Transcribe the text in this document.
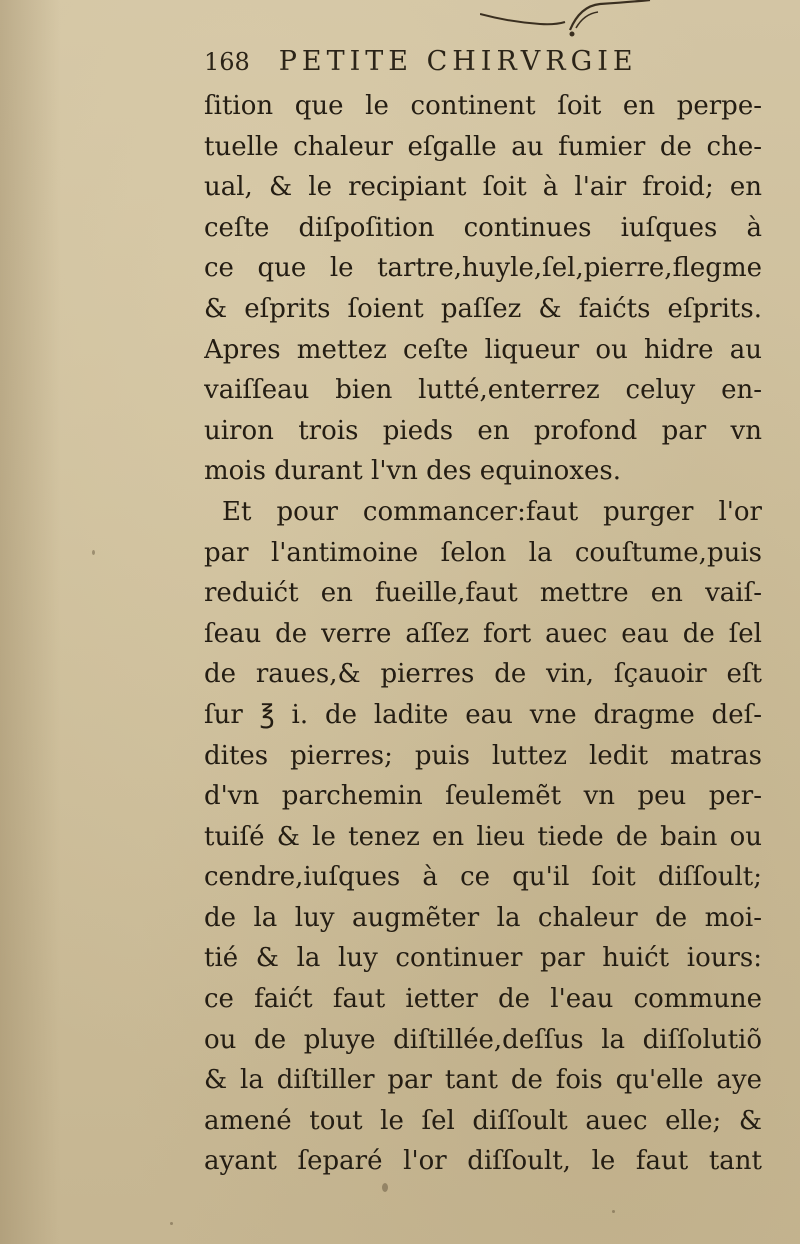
168 PETITE CHIRVRGIE
ſition que le continent ſoit en perpe-
tuelle chaleur eſgalle au fumier de che-
ual, & le recipiant ſoit à l'air froid; en
ceſte diſpoſition continues iuſques à
ce que le tartre,huyle,ſel,pierre,flegme
& eſprits ſoient paſſez & faićts eſprits.
Apres mettez ceſte liqueur ou hidre au
vaiſſeau bien lutté,enterrez celuy en-
uiron trois pieds en profond par vn
mois durant l'vn des equinoxes.
Et pour commancer:faut purger l'or
par l'antimoine ſelon la couſtume,puis
reduićt en fueille,faut mettre en vaiſ-
ſeau de verre aſſez fort auec eau de ſel
de raues,& pierres de vin, ſçauoir eſt
ſur ℥ i. de ladite eau vne dragme deſ-
dites pierres; puis luttez ledit matras
d'vn parchemin ſeulemẽt vn peu per-
tuiſé & le tenez en lieu tiede de bain ou
cendre,iuſques à ce qu'il ſoit diſſoult;
de la luy augmẽter la chaleur de moi-
tié & la luy continuer par huićt iours:
ce faićt faut ietter de l'eau commune
ou de pluye diſtillée,deſſus la diſſolutiõ
& la diſtiller par tant de fois qu'elle aye
amené tout le ſel diſſoult auec elle; &
ayant ſeparé l'or diſſoult, le faut tant
